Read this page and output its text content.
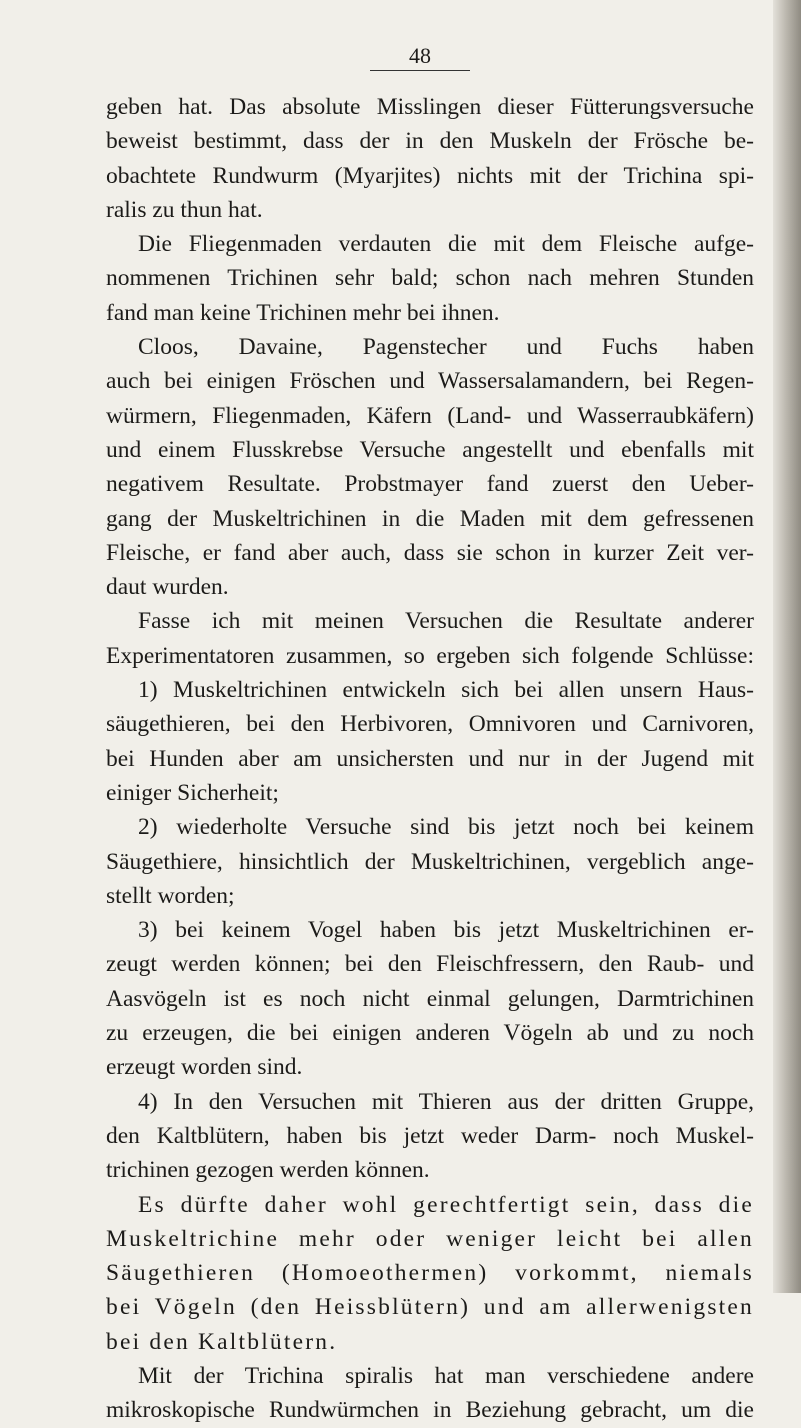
48
geben hat. Das absolute Misslingen dieser Fütterungsversuche
beweist bestimmt, dass der in den Muskeln der Frösche be-
obachtete Rundwurm (Myarjites) nichts mit der Trichina spi-
ralis zu thun hat.
Die Fliegenmaden verdauten die mit dem Fleische aufge-
nommenen Trichinen sehr bald; schon nach mehren Stunden
fand man keine Trichinen mehr bei ihnen.
Cloos, Davaine, Pagenstecher und Fuchs haben
auch bei einigen Fröschen und Wassersalamandern, bei Regen-
würmern, Fliegenmaden, Käfern (Land- und Wasserraubkäfern)
und einem Flusskrebse Versuche angestellt und ebenfalls mit
negativem Resultate. Probstmayer fand zuerst den Ueber-
gang der Muskeltrichinen in die Maden mit dem gefressenen
Fleische, er fand aber auch, dass sie schon in kurzer Zeit ver-
daut wurden.
Fasse ich mit meinen Versuchen die Resultate anderer
Experimentatoren zusammen, so ergeben sich folgende Schlüsse:
1) Muskeltrichinen entwickeln sich bei allen unsern Haus-
säugethieren, bei den Herbivoren, Omnivoren und Carnivoren,
bei Hunden aber am unsichersten und nur in der Jugend mit
einiger Sicherheit;
2) wiederholte Versuche sind bis jetzt noch bei keinem
Säugethiere, hinsichtlich der Muskeltrichinen, vergeblich ange-
stellt worden;
3) bei keinem Vogel haben bis jetzt Muskeltrichinen er-
zeugt werden können; bei den Fleischfressern, den Raub- und
Aasvögeln ist es noch nicht einmal gelungen, Darmtrichinen
zu erzeugen, die bei einigen anderen Vögeln ab und zu noch
erzeugt worden sind.
4) In den Versuchen mit Thieren aus der dritten Gruppe,
den Kaltblütern, haben bis jetzt weder Darm- noch Muskel-
trichinen gezogen werden können.
Es dürfte daher wohl gerechtfertigt sein, dass die
Muskeltrichine mehr oder weniger leicht bei allen
Säugethieren (Homoeothermen) vorkommt, niemals
bei Vögeln (den Heissblütern) und am allerwenigsten
bei den Kaltblütern.
Mit der Trichina spiralis hat man verschiedene andere
mikroskopische Rundwürmchen in Beziehung gebracht, um die
